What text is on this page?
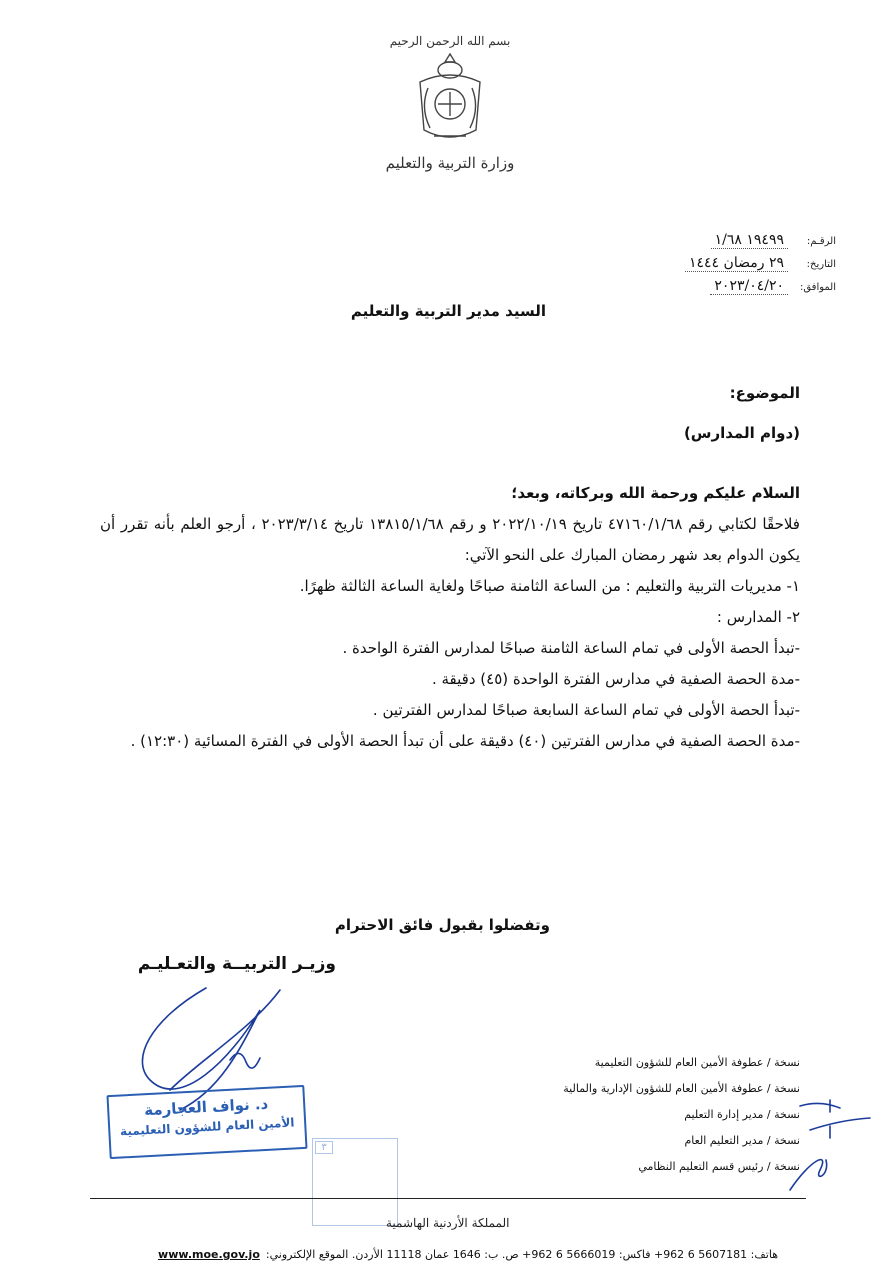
بسم الله الرحمن الرحيم
وزارة التربية والتعليم
الرقـم:
١٩٤٩٩ ١/٦٨
التاريخ:
٢٩ رمضان ١٤٤٤
الموافق:
٢٠٢٣/٠٤/٢٠
السيد مدير التربية والتعليم
الموضوع:
(دوام المدارس)

السلام عليكم ورحمة الله وبركاته، وبعد؛

فلاحقًا لكتابي رقم ٤٧١٦٠/١/٦٨ تاريخ ٢٠٢٢/١٠/١٩ و رقم ١٣٨١٥/١/٦٨ تاريخ ٢٠٢٣/٣/١٤ ، أرجو العلم بأنه تقرر أن يكون الدوام بعد شهر رمضان المبارك على النحو الآتي:

١- مديريات التربية والتعليم : من الساعة الثامنة صباحًا ولغاية الساعة الثالثة ظهرًا.

٢- المدارس :

-تبدأ الحصة الأولى في تمام الساعة الثامنة صباحًا لمدارس الفترة الواحدة .

-مدة الحصة الصفية في مدارس الفترة الواحدة (٤٥) دقيقة .

-تبدأ الحصة الأولى في تمام الساعة السابعة صباحًا لمدارس الفترتين .

-مدة الحصة الصفية في مدارس الفترتين (٤٠) دقيقة على أن تبدأ الحصة الأولى في الفترة المسائية (١٢:٣٠) .

وتفضلوا بقبول فائق الاحترام
وزيـر التربيــة والتعـليـم
د. نواف العجارمة
الأمين العام للشؤون التعليمية
٣
نسخة / عطوفة الأمين العام للشؤون التعليمية
نسخة / عطوفة الأمين العام للشؤون الإدارية والمالية
نسخة / مدير إدارة التعليم
نسخة / مدير التعليم العام
نسخة / رئيس قسم التعليم النظامي
المملكة الأردنية الهاشمية
هاتف: 5607181 6 962+ فاكس: 5666019 6 962+ ص. ب: 1646 عمان 11118 الأردن. الموقع الإلكتروني:
www.moe.gov.jo
